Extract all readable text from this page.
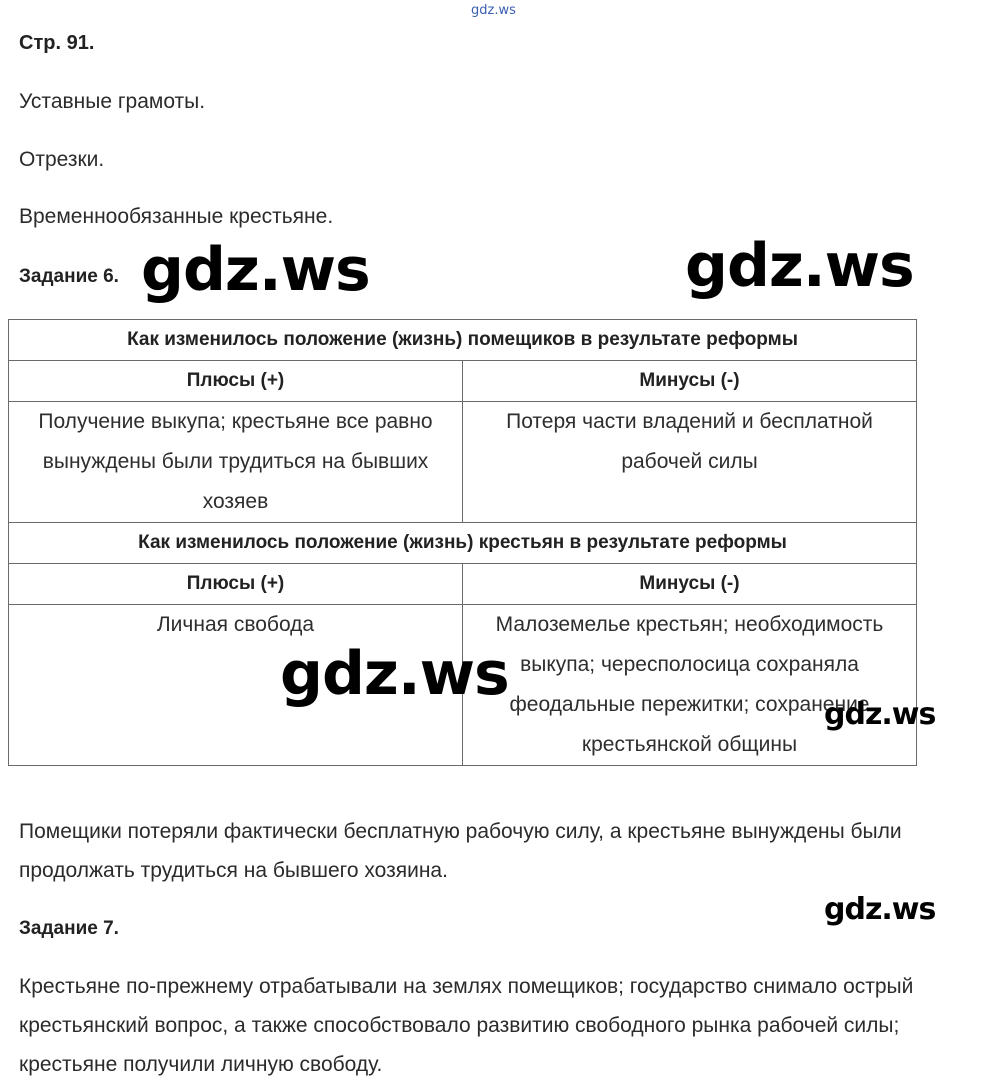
gdz.ws
Стр. 91.
Уставные грамоты.
Отрезки.
Временнообязанные крестьяне.
Задание 6. gdz.ws	gdz.ws
Как изменилось положение (жизнь) помещиков в результате реформы	
Плюсы (+)	Минусы (-)
Получение выкупа; крестьяне все равно вынуждены были трудиться на бывших хозяев	Потеря части владений и бесплатной рабочей силы
Как изменилось положение (жизнь) крестьян в результате реформы	
Плюсы (+)	Минусы (-)
Личная свобода	Малоземелье крестьян; необходимость выкупа; чересполосица сохраняла феодальные пережитки; сохранение крестьянской общины
gdz.ws
gdz.ws
Помещики потеряли фактически бесплатную рабочую силу, а крестьяне вынуждены были продолжать трудиться на бывшего хозяина.
Задание 7.
gdz.ws
Крестьяне по-прежнему отрабатывали на землях помещиков; государство снимало острый крестьянский вопрос, а также способствовало развитию свободного рынка рабочей силы; крестьяне получили личную свободу.
